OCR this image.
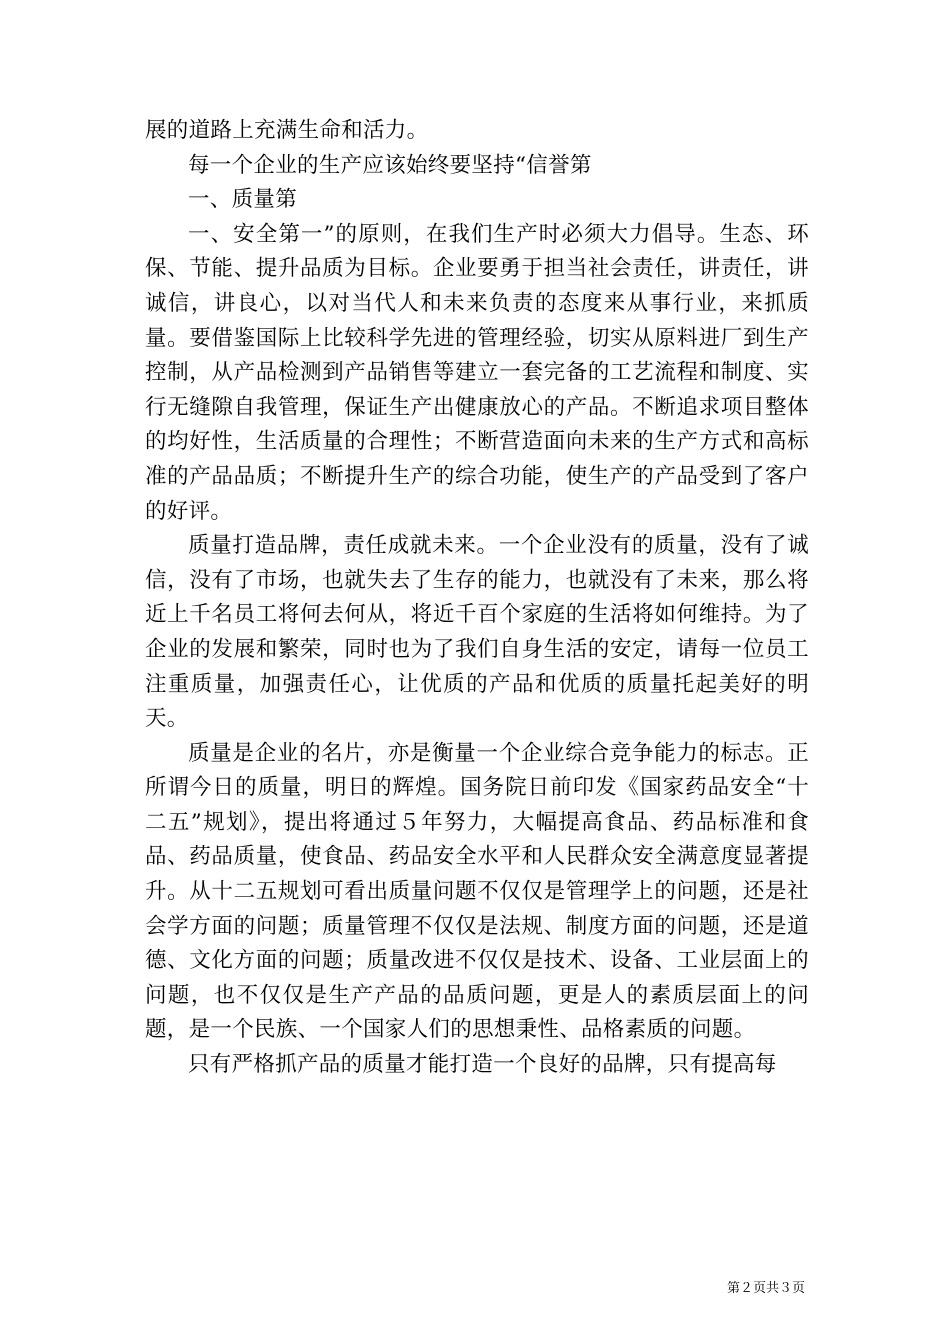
展的道路上充满生命和活力。

每一个企业的生产应该始终要坚持“信誉第

一、质量第

一、安全第一”的原则，在我们生产时必须大力倡导。生态、环保、节能、提升品质为目标。企业要勇于担当社会责任，讲责任，讲诚信，讲良心，以对当代人和未来负责的态度来从事行业，来抓质量。要借鉴国际上比较科学先进的管理经验，切实从原料进厂到生产控制，从产品检测到产品销售等建立一套完备的工艺流程和制度、实行无缝隙自我管理，保证生产出健康放心的产品。不断追求项目整体的均好性，生活质量的合理性；不断营造面向未来的生产方式和高标准的产品品质；不断提升生产的综合功能，使生产的产品受到了客户的好评。

质量打造品牌，责任成就未来。一个企业没有的质量，没有了诚信，没有了市场，也就失去了生存的能力，也就没有了未来，那么将近上千名员工将何去何从，将近千百个家庭的生活将如何维持。为了企业的发展和繁荣，同时也为了我们自身生活的安定，请每一位员工注重质量，加强责任心，让优质的产品和优质的质量托起美好的明天。

质量是企业的名片，亦是衡量一个企业综合竞争能力的标志。正所谓今日的质量，明日的辉煌。国务院日前印发《国家药品安全“十二五”规划》，提出将通过５年努力，大幅提高食品、药品标准和食品、药品质量，使食品、药品安全水平和人民群众安全满意度显著提升。从十二五规划可看出质量问题不仅仅是管理学上的问题，还是社会学方面的问题；质量管理不仅仅是法规、制度方面的问题，还是道德、文化方面的问题；质量改进不仅仅是技术、设备、工业层面上的问题，也不仅仅是生产产品的品质问题，更是人的素质层面上的问题，是一个民族、一个国家人们的思想秉性、品格素质的问题。

只有严格抓产品的质量才能打造一个良好的品牌，只有提高每

第２页共３页
